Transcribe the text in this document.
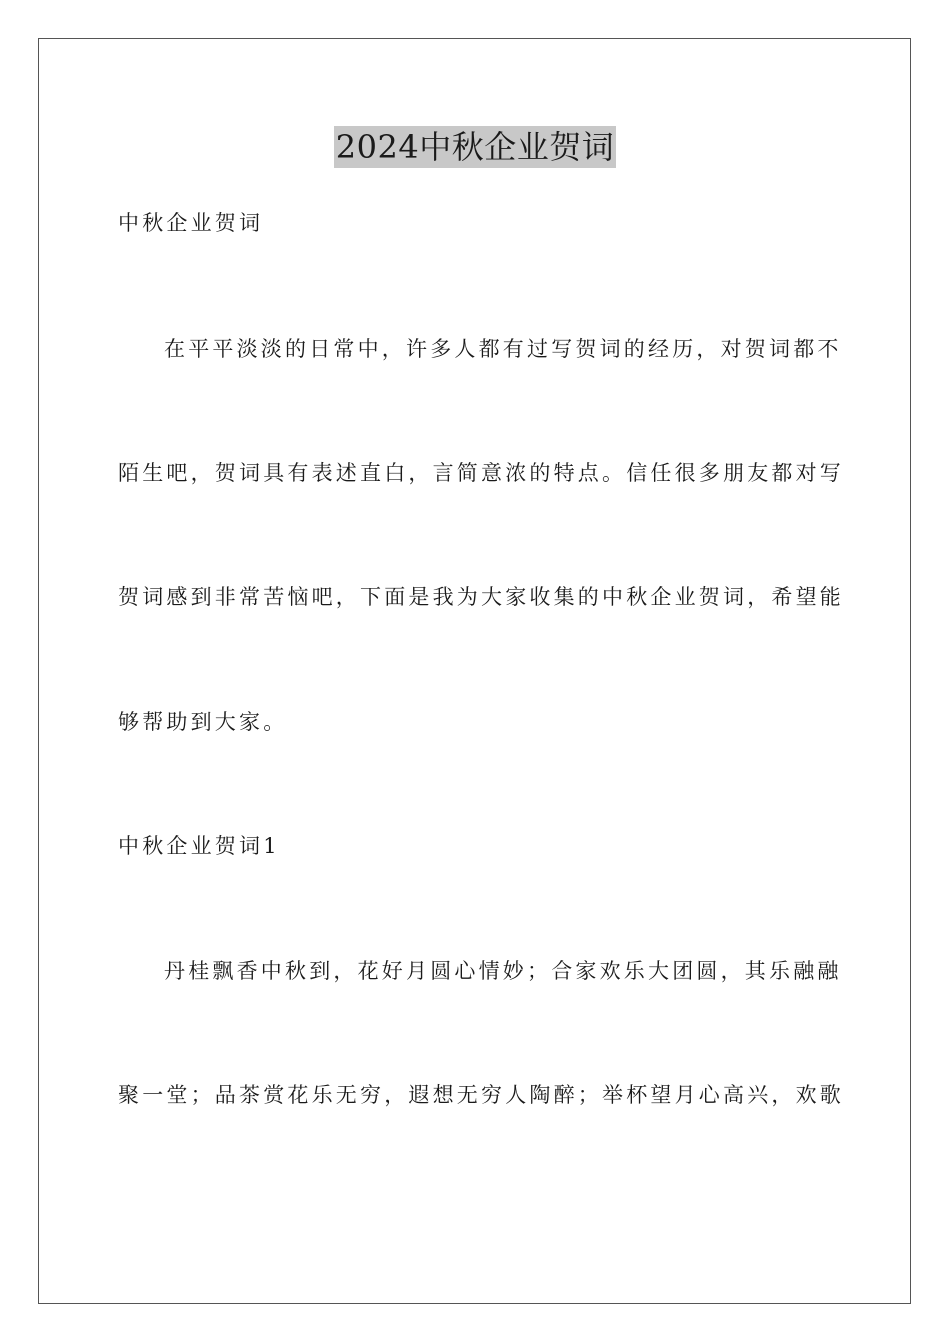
2024中秋企业贺词
中秋企业贺词
在平平淡淡的日常中，许多人都有过写贺词的经历，对贺词都不
陌生吧，贺词具有表述直白，言简意浓的特点。信任很多朋友都对写
贺词感到非常苦恼吧，下面是我为大家收集的中秋企业贺词，希望能
够帮助到大家。
中秋企业贺词1
丹桂飘香中秋到，花好月圆心情妙；合家欢乐大团圆，其乐融融
聚一堂；品茶赏花乐无穷，遐想无穷人陶醉；举杯望月心高兴，欢歌
